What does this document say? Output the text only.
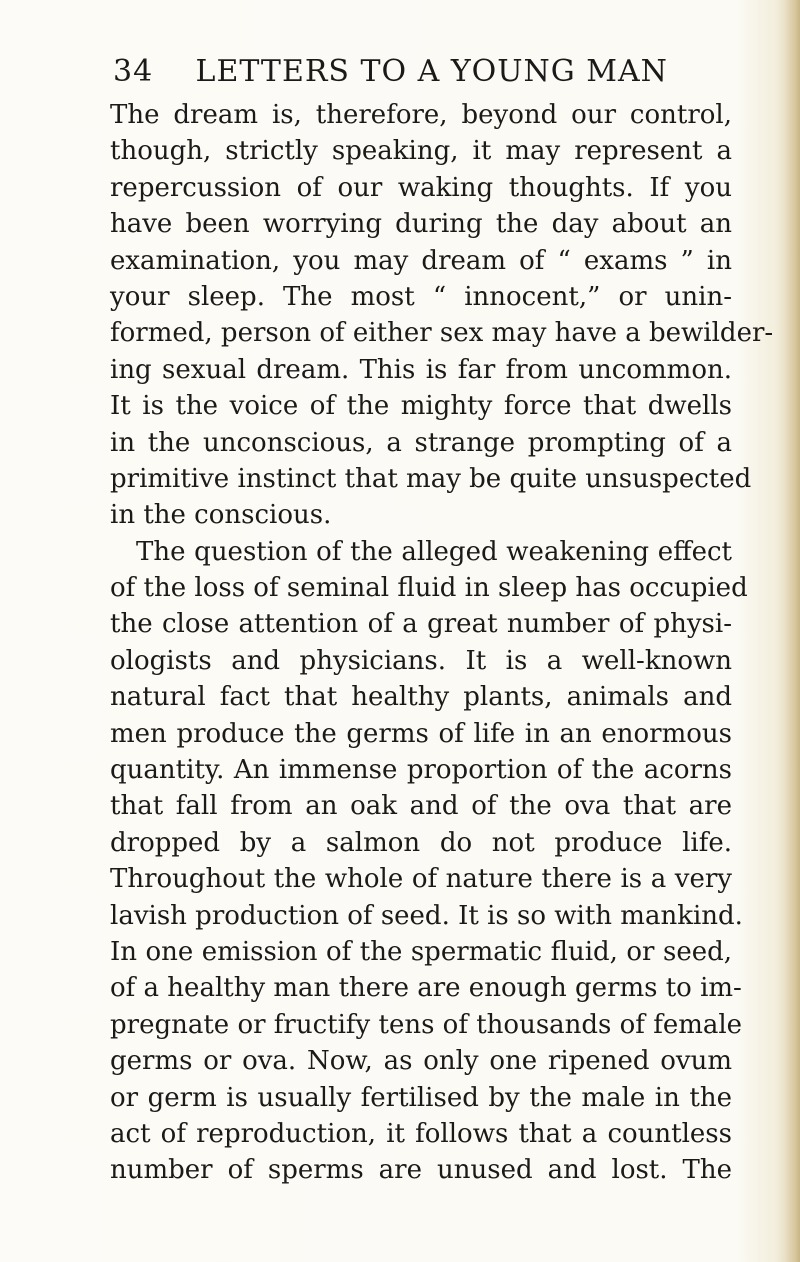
34 LETTERS TO A YOUNG MAN
The dream is, therefore, beyond our control,
though, strictly speaking, it may represent a
repercussion of our waking thoughts. If you
have been worrying during the day about an
examination, you may dream of “ exams ” in
your sleep. The most “ innocent,” or unin-
formed, person of either sex may have a bewilder-
ing sexual dream. This is far from uncommon.
It is the voice of the mighty force that dwells
in the unconscious, a strange prompting of a
primitive instinct that may be quite unsuspected
in the conscious.
The question of the alleged weakening effect
of the loss of seminal fluid in sleep has occupied
the close attention of a great number of physi-
ologists and physicians. It is a well-known
natural fact that healthy plants, animals and
men produce the germs of life in an enormous
quantity. An immense proportion of the acorns
that fall from an oak and of the ova that are
dropped by a salmon do not produce life.
Throughout the whole of nature there is a very
lavish production of seed. It is so with mankind.
In one emission of the spermatic fluid, or seed,
of a healthy man there are enough germs to im-
pregnate or fructify tens of thousands of female
germs or ova. Now, as only one ripened ovum
or germ is usually fertilised by the male in the
act of reproduction, it follows that a countless
number of sperms are unused and lost. The
